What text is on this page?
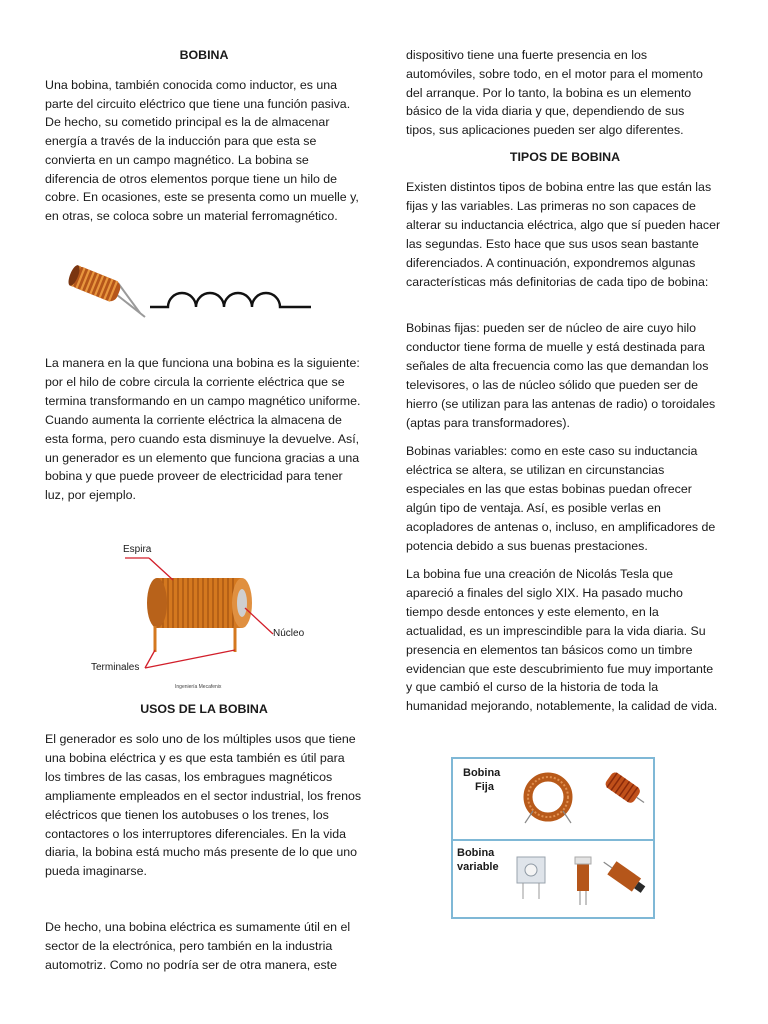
BOBINA

Una bobina, también conocida como inductor, es una parte del circuito eléctrico que tiene una función pasiva. De hecho, su cometido principal es la de almacenar energía a través de la inducción para que esta se convierta en un campo magnético. La bobina se diferencia de otros elementos porque tiene un hilo de cobre. En ocasiones, este se presenta como un muelle y, en otras, se coloca sobre un material ferromagnético.

La manera en la que funciona una bobina es la siguiente: por el hilo de cobre circula la corriente eléctrica que se termina transformando en un campo magnético uniforme. Cuando aumenta la corriente eléctrica la almacena de esta forma, pero cuando esta disminuye la devuelve. Así, un generador es un elemento que funciona gracias a una bobina y que puede proveer de electricidad para tener luz, por ejemplo.

Espira
Núcleo
Terminales
Ingeniería Mecafenix
USOS DE LA BOBINA

El generador es solo uno de los múltiples usos que tiene una bobina eléctrica y es que esta también es útil para los timbres de las casas, los embragues magnéticos ampliamente empleados en el sector industrial, los frenos eléctricos que tienen los autobuses o los trenes, los contactores o los interruptores diferenciales. En la vida diaria, la bobina está mucho más presente de lo que uno pueda imaginarse.

De hecho, una bobina eléctrica es sumamente útil en el sector de la electrónica, pero también en la industria automotriz. Como no podría ser de otra manera, este

dispositivo tiene una fuerte presencia en los automóviles, sobre todo, en el motor para el momento del arranque. Por lo tanto, la bobina es un elemento básico de la vida diaria y que, dependiendo de sus tipos, sus aplicaciones pueden ser algo diferentes.

TIPOS DE BOBINA

Existen distintos tipos de bobina entre las que están las fijas y las variables. Las primeras no son capaces de alterar su inductancia eléctrica, algo que sí pueden hacer las segundas. Esto hace que sus usos sean bastante diferenciados. A continuación, expondremos algunas características más definitorias de cada tipo de bobina:

Bobinas fijas: pueden ser de núcleo de aire cuyo hilo conductor tiene forma de muelle y está destinada para señales de alta frecuencia como las que demandan los televisores, o las de núcleo sólido que pueden ser de hierro (se utilizan para las antenas de radio) o toroidales (aptas para transformadores).

Bobinas variables: como en este caso su inductancia eléctrica se altera, se utilizan en circunstancias especiales en las que estas bobinas puedan ofrecer algún tipo de ventaja. Así, es posible verlas en acopladores de antenas o, incluso, en amplificadores de potencia debido a sus buenas prestaciones.

La bobina fue una creación de Nicolás Tesla que apareció a finales del siglo XIX. Ha pasado mucho tiempo desde entonces y este elemento, en la actualidad, es un imprescindible para la vida diaria. Su presencia en elementos tan básicos como un timbre evidencian que este descubrimiento fue muy importante y que cambió el curso de la historia de toda la humanidad mejorando, notablemente, la calidad de vida.

Bobina
Fija
Bobina
variable
